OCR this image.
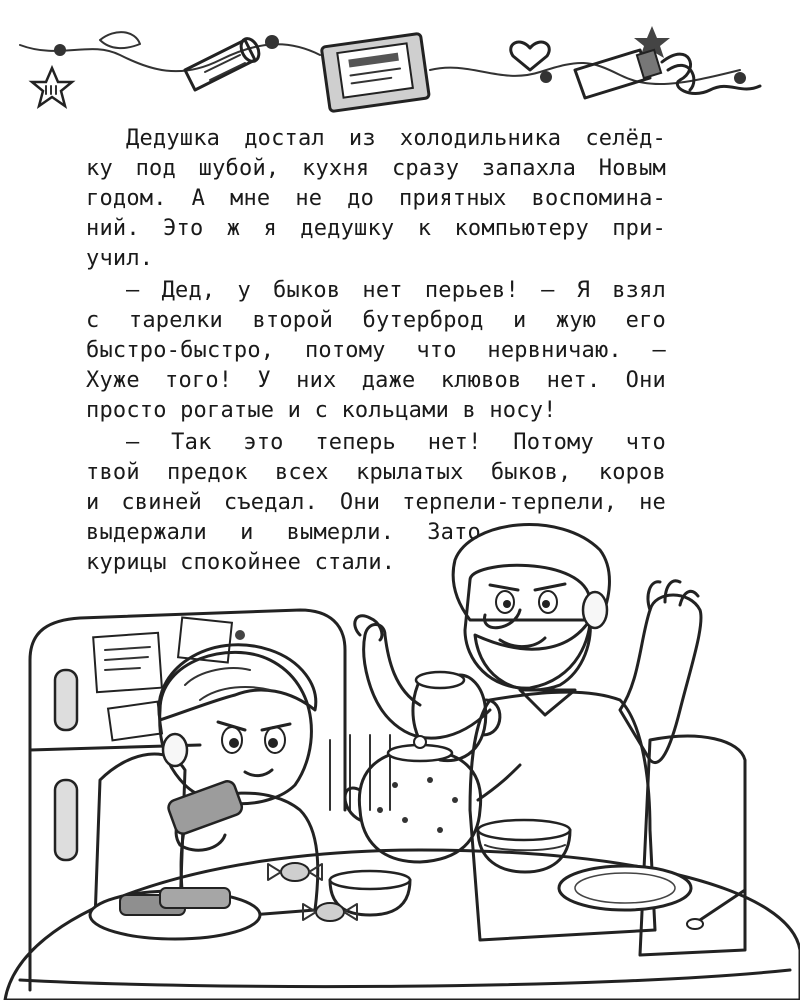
Дедушка достал из холодильника селёд-
ку под шубой, кухня сразу запахла Новым
годом. А мне не до приятных воспомина-
ний. Это ж я дедушку к компьютеру при-
учил.

— Дед, у быков нет перьев! — Я взял
с тарелки второй бутерброд и жую его
быстро-быстро, потому что нервничаю. —
Хуже того! У них даже клювов нет. Они
просто рогатые и с кольцами в носу!

— Так это теперь нет! Потому что
твой предок всех крылатых быков, коров
и свиней съедал. Они терпели-терпели, не
выдержали и вымерли. Зато
курицы спокойнее стали.
